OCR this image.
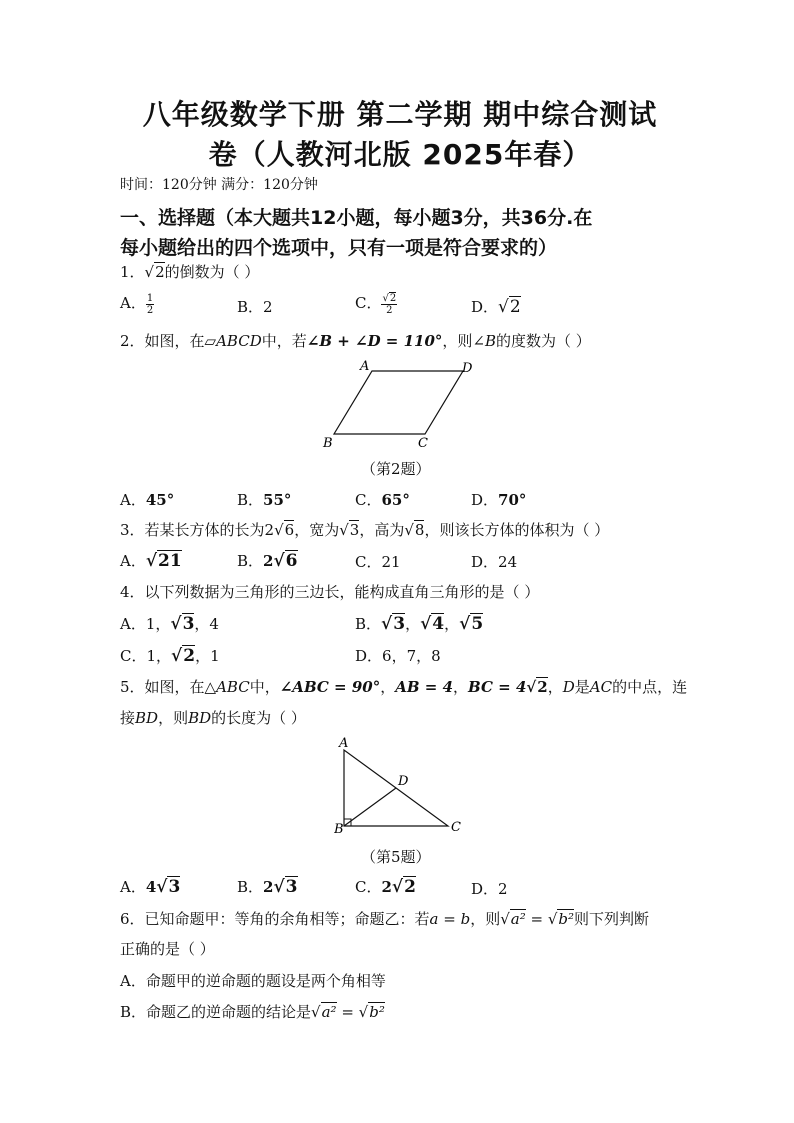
八年级数学下册 第二学期 期中综合测试
卷（人教河北版 2025年春）
时间：120分钟 满分：120分钟
一、选择题（本大题共12小题，每小题3分，共36分.在
每小题给出的四个选项中，只有一项是符合要求的）
1．√2的倒数为（ ）
A． $\frac{1}{2}$	B．2	C． $\frac{√2}{2}$	D．√2
2．如图，在▱ABCD中，若∠B + ∠D = 110°，则∠B的度数为（ ）
A	D
B	C
（第2题）
A．45°	B．55°	C．65°	D．70°
3．若某长方体的长为2√6，宽为√3，高为√8，则该长方体的体积为（ ）
A．√21	B．2√6	C．21	D．24
4．以下列数据为三角形的三边长，能构成直角三角形的是（ ）
A．1，√3，4	B．√3，√4，√5
C．1，√2，1	D．6，7，8
5．如图，在△ABC中，∠ABC = 90°，AB = 4，BC = 4√2，D是AC的中点，连
接BD，则BD的长度为（ ）
A
D
B	C
（第5题）
A．4√3	B．2√3	C．2√2	D．2
6．已知命题甲：等角的余角相等；命题乙：若a = b，则√a² = √b²则下列判断
正确的是（ ）
A．命题甲的逆命题的题设是两个角相等
B．命题乙的逆命题的结论是√a² = √b²
